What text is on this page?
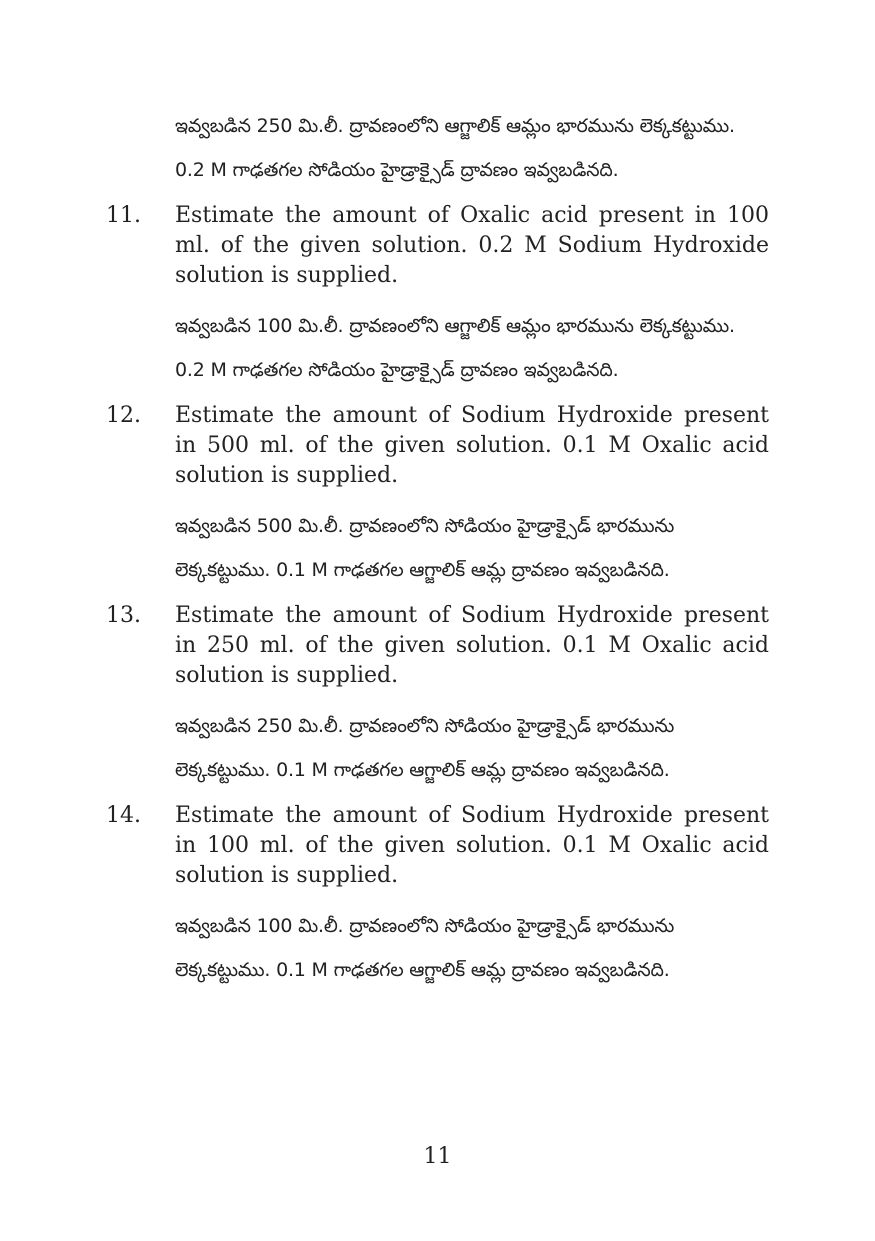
ఇవ్వబడిన 250 మి.లీ. ద్రావణంలోని ఆగ్జాలిక్ ఆమ్లం భారమును లెక్కకట్టుము.
0.2 M గాఢతగల సోడియం హైడ్రాక్సైడ్ ద్రావణం ఇవ్వబడినది.
11. Estimate the amount of Oxalic acid present in 100 ml. of the given solution. 0.2 M Sodium Hydroxide solution is supplied.
ఇవ్వబడిన 100 మి.లీ. ద్రావణంలోని ఆగ్జాలిక్ ఆమ్లం భారమును లెక్కకట్టుము.
0.2 M గాఢతగల సోడియం హైడ్రాక్సైడ్ ద్రావణం ఇవ్వబడినది.
12. Estimate the amount of Sodium Hydroxide present in 500 ml. of the given solution. 0.1 M Oxalic acid solution is supplied.
ఇవ్వబడిన 500 మి.లీ. ద్రావణంలోని సోడియం హైడ్రాక్సైడ్ భారమును
లెక్కకట్టుము. 0.1 M గాఢతగల ఆగ్జాలిక్ ఆమ్ల ద్రావణం ఇవ్వబడినది.
13. Estimate the amount of Sodium Hydroxide present in 250 ml. of the given solution. 0.1 M Oxalic acid solution is supplied.
ఇవ్వబడిన 250 మి.లీ. ద్రావణంలోని సోడియం హైడ్రాక్సైడ్ భారమును
లెక్కకట్టుము. 0.1 M గాఢతగల ఆగ్జాలిక్ ఆమ్ల ద్రావణం ఇవ్వబడినది.
14. Estimate the amount of Sodium Hydroxide present in 100 ml. of the given solution. 0.1 M Oxalic acid solution is supplied.
ఇవ్వబడిన 100 మి.లీ. ద్రావణంలోని సోడియం హైడ్రాక్సైడ్ భారమును
లెక్కకట్టుము. 0.1 M గాఢతగల ఆగ్జాలిక్ ఆమ్ల ద్రావణం ఇవ్వబడినది.
11
